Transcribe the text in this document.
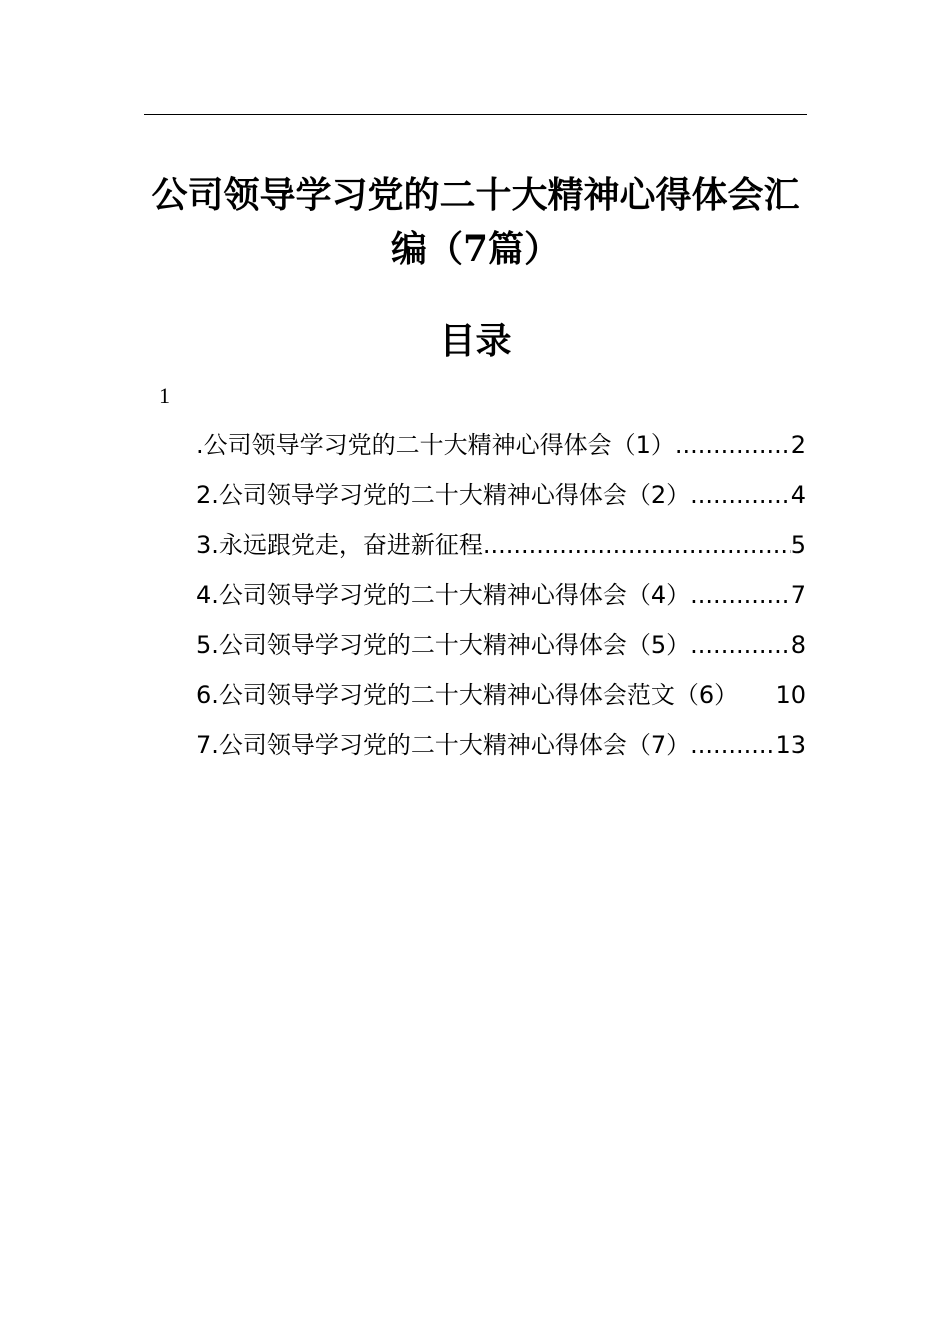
公司领导学习党的二十大精神心得体会汇编（7篇）
目录
1
.公司领导学习党的二十大精神心得体会（1） .....	2
2.公司领导学习党的二十大精神心得体会（2） .....	4
3.永远跟党走，奋进新征程 .....	5
4.公司领导学习党的二十大精神心得体会（4） .....	7
5.公司领导学习党的二十大精神心得体会（5） .....	8
6.公司领导学习党的二十大精神心得体会范文（6） 10
7.公司领导学习党的二十大精神心得体会（7） .....	13
